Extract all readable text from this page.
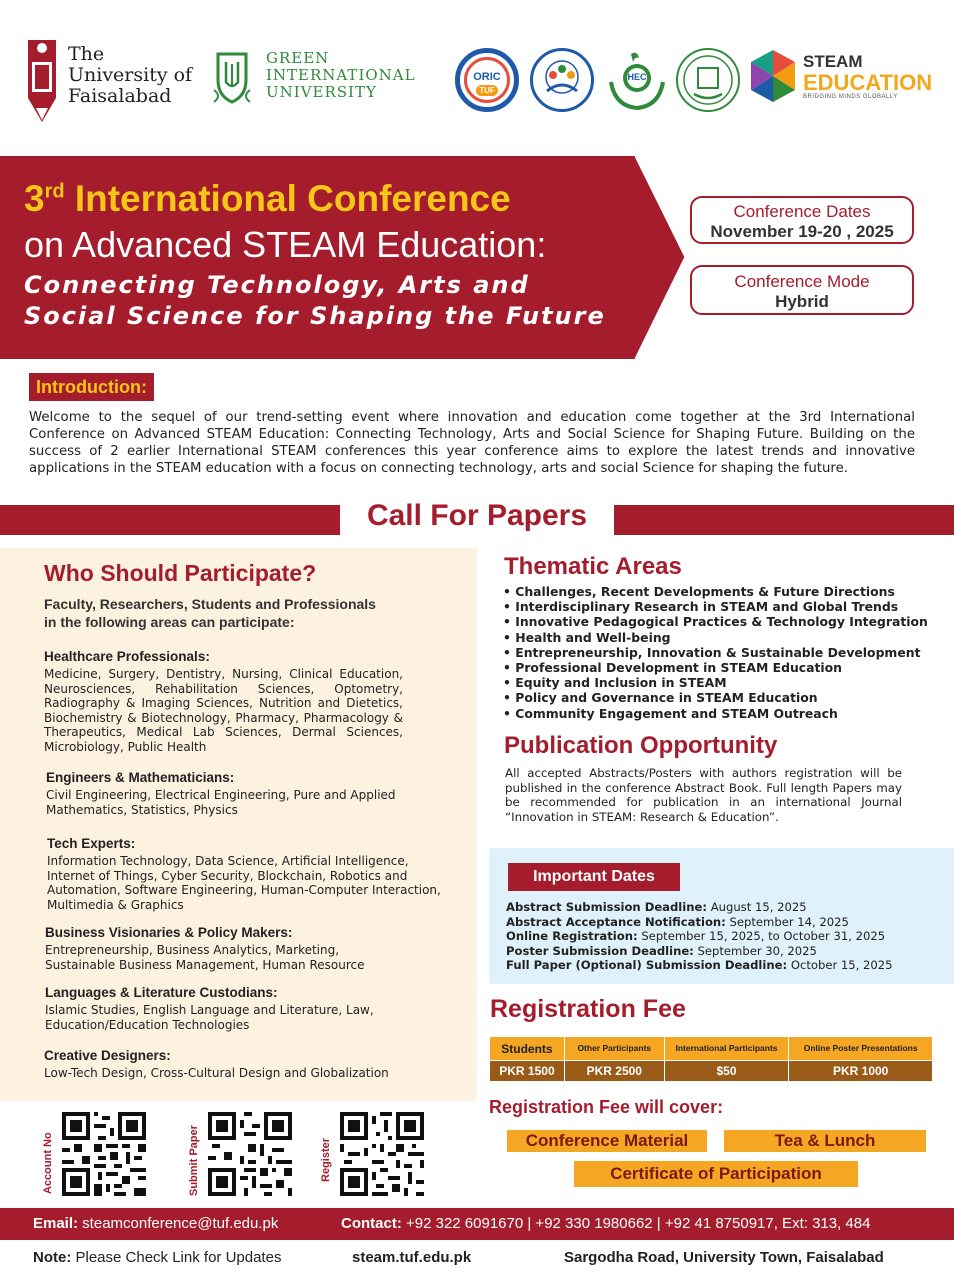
The
University of
Faisalabad
GREEN
INTERNATIONAL
UNIVERSITY
ORIC
TUF
HEC
STEAM
EDUCATION
BRIDGING MINDS GLOBALLY
3rd International Conference
on Advanced STEAM Education:
Connecting Technology, Arts and
Social Science for Shaping the Future
Conference Dates
November 19-20 , 2025
Conference Mode
Hybrid
Introduction:
Welcome to the sequel of our trend-setting event where innovation and education come together at the 3rd International Conference on Advanced STEAM Education: Connecting Technology, Arts and Social Science for Shaping Future. Building on the success of 2 earlier International STEAM conferences this year conference aims to explore the latest trends and innovative applications in the STEAM education with a focus on connecting technology, arts and social Science for shaping the future.
Call For Papers
Who Should Participate?
Faculty, Researchers, Students and Professionals
in the following areas can participate:
Healthcare Professionals:
Medicine, Surgery, Dentistry, Nursing, Clinical Education, Neurosciences, Rehabilitation Sciences, Optometry, Radiography & Imaging Sciences, Nutrition and Dietetics, Biochemistry & Biotechnology, Pharmacy, Pharmacology & Therapeutics, Medical Lab Sciences, Dermal Sciences, Microbiology, Public Health
Engineers & Mathematicians:
Civil Engineering, Electrical Engineering, Pure and Applied Mathematics, Statistics, Physics
Tech Experts:
Information Technology, Data Science, Artificial Intelligence, Internet of Things, Cyber Security, Blockchain, Robotics and Automation, Software Engineering, Human-Computer Interaction, Multimedia & Graphics
Business Visionaries & Policy Makers:
Entrepreneurship, Business Analytics, Marketing, Sustainable Business Management, Human Resource
Languages & Literature Custodians:
Islamic Studies, English Language and Literature, Law, Education/Education Technologies
Creative Designers:
Low-Tech Design, Cross-Cultural Design and Globalization
Thematic Areas
• Challenges, Recent Developments & Future Directions
• Interdisciplinary Research in STEAM and Global Trends
• Innovative Pedagogical Practices & Technology Integration
• Health and Well-being
• Entrepreneurship, Innovation & Sustainable Development
• Professional Development in STEAM Education
• Equity and Inclusion in STEAM
• Policy and Governance in STEAM Education
• Community Engagement and STEAM Outreach
Publication Opportunity
All accepted Abstracts/Posters with authors registration will be published in the conference Abstract Book. Full length Papers may be recommended for publication in an international Journal “Innovation in STEAM: Research & Education”.
Important Dates
Abstract Submission Deadline: August 15, 2025
Abstract Acceptance Notification: September 14, 2025
Online Registration: September 15, 2025, to October 31, 2025
Poster Submission Deadline: September 30, 2025
Full Paper (Optional) Submission Deadline: October 15, 2025
Registration Fee
Students	Other Participants	International Participants	Online Poster Presentations
PKR 1500	PKR 2500	$50	PKR 1000
Registration Fee will cover:
Conference Material	Tea & Lunch
Certificate of Participation
Account No	Submit Paper	Register
Email: steamconference@tuf.edu.pk	Contact: +92 322 6091670 | +92 330 1980662 | +92 41 8750917, Ext: 313, 484
Note: Please Check Link for Updates	steam.tuf.edu.pk	Sargodha Road, University Town, Faisalabad
